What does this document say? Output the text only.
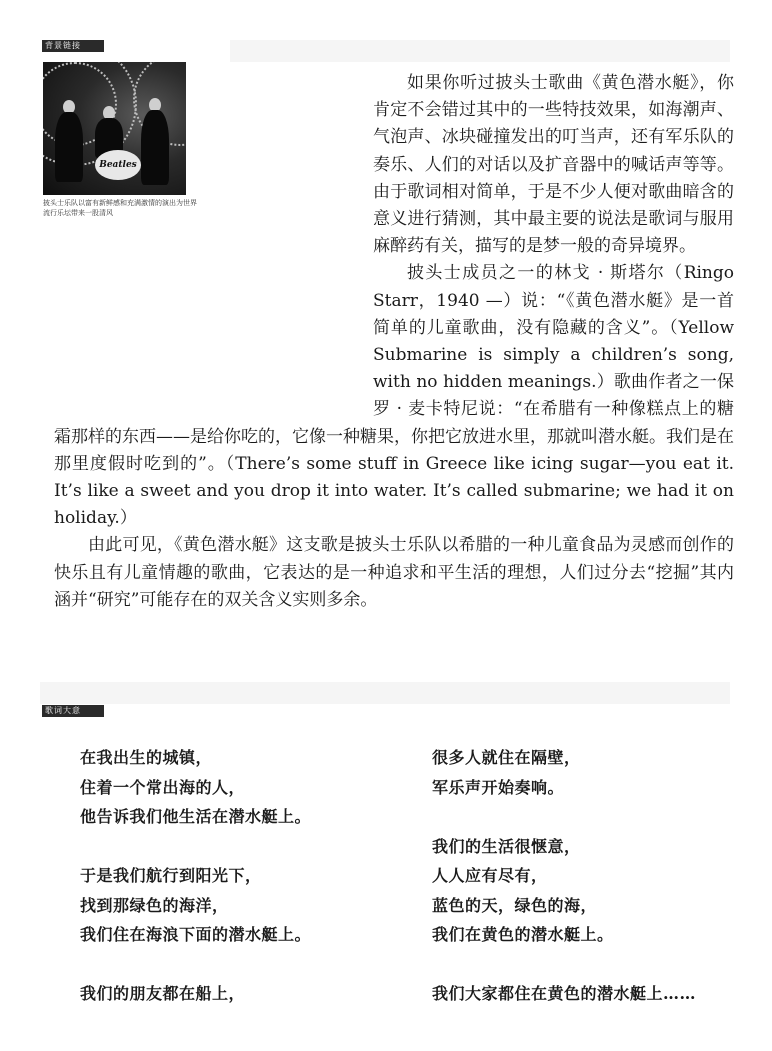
背景链接
Beatles
披头士乐队以富有新鲜感和充满激情的演出为世界流行乐坛带来一股清风

如果你听过披头士歌曲《黄色潜水艇》，你肯定不会错过其中的一些特技效果，如海潮声、气泡声、冰块碰撞发出的叮当声，还有军乐队的奏乐、人们的对话以及扩音器中的喊话声等等。由于歌词相对简单，于是不少人便对歌曲暗含的意义进行猜测，其中最主要的说法是歌词与服用麻醉药有关，描写的是梦一般的奇异境界。

披头士成员之一的林戈 · 斯塔尔（Ringo Starr，1940 —）说：“《黄色潜水艇》是一首简单的儿童歌曲，没有隐藏的含义”。（Yellow Submarine is simply a children’s song, with no hidden meanings.）歌曲作者之一保罗 · 麦卡特尼说：“在希腊有一种像糕点上的糖霜那样的东西——是给你吃的，它像一种糖果，你把它放进水里，那就叫潜水艇。我们是在那里度假时吃到的”。（There’s some stuff in Greece like icing sugar—you eat it. It’s like a sweet and you drop it into water. It’s called submarine; we had it on holiday.）

由此可见，《黄色潜水艇》这支歌是披头士乐队以希腊的一种儿童食品为灵感而创作的快乐且有儿童情趣的歌曲，它表达的是一种追求和平生活的理想，人们过分去“挖掘”其内涵并“研究”可能存在的双关含义实则多余。

歌词大意
在我出生的城镇，
住着一个常出海的人，
他告诉我们他生活在潜水艇上。
于是我们航行到阳光下，
找到那绿色的海洋，
我们住在海浪下面的潜水艇上。
我们的朋友都在船上，
很多人就住在隔壁，
军乐声开始奏响。
我们的生活很惬意，
人人应有尽有，
蓝色的天，绿色的海，
我们在黄色的潜水艇上。
我们大家都住在黄色的潜水艇上……
